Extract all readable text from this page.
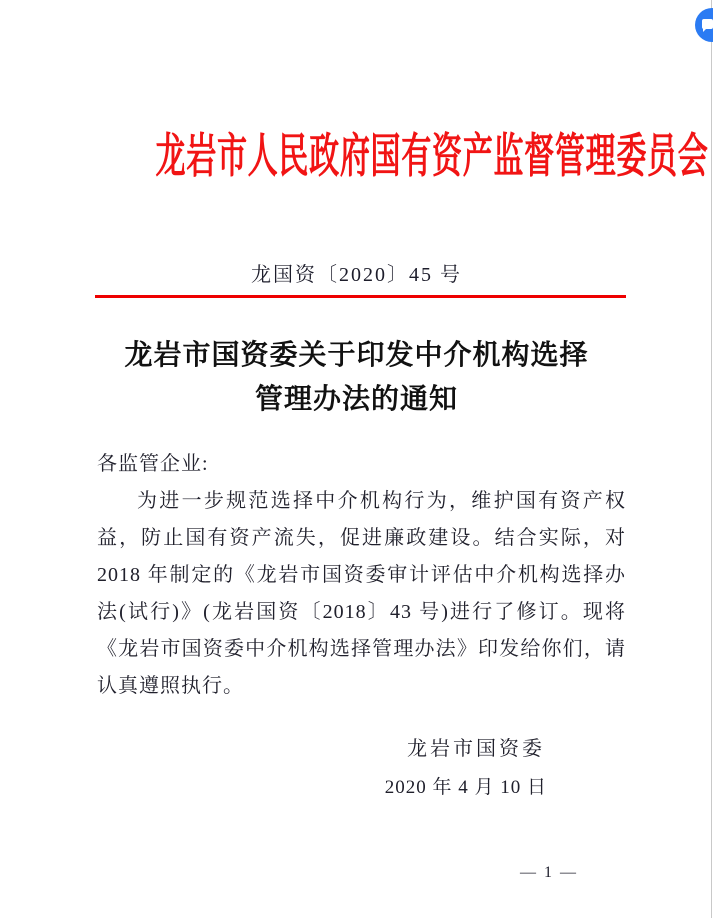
龙岩市人民政府国有资产监督管理委员会
龙国资〔2020〕45 号
龙岩市国资委关于印发中介机构选择
管理办法的通知

各监管企业:

为进一步规范选择中介机构行为，维护国有资产权益，防止国有资产流失，促进廉政建设。结合实际，对 2018 年制定的《龙岩市国资委审计评估中介机构选择办法(试行)》(龙岩国资〔2018〕43 号)进行了修订。现将《龙岩市国资委中介机构选择管理办法》印发给你们，请认真遵照执行。

龙岩市国资委
2020 年 4 月 10 日
— 1 —
